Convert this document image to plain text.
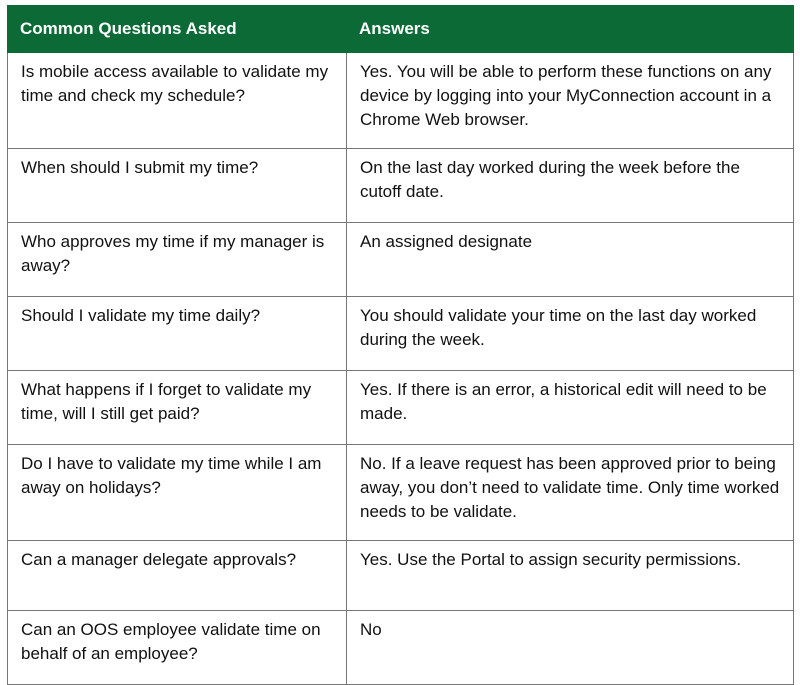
Common Questions Asked	Answers
Is mobile access available to validate my time and check my schedule?	Yes. You will be able to perform these functions on any device by logging into your MyConnection account in a Chrome Web browser.
When should I submit my time?	On the last day worked during the week before the cutoff date.
Who approves my time if my manager is away?	An assigned designate
Should I validate my time daily?	You should validate your time on the last day worked during the week.
What happens if I forget to validate my time, will I still get paid?	Yes. If there is an error, a historical edit will need to be made.
Do I have to validate my time while I am away on holidays?	No. If a leave request has been approved prior to being away, you don’t need to validate time. Only time worked needs to be validate.
Can a manager delegate approvals?	Yes. Use the Portal to assign security permissions.
Can an OOS employee validate time on behalf of an employee?	No
